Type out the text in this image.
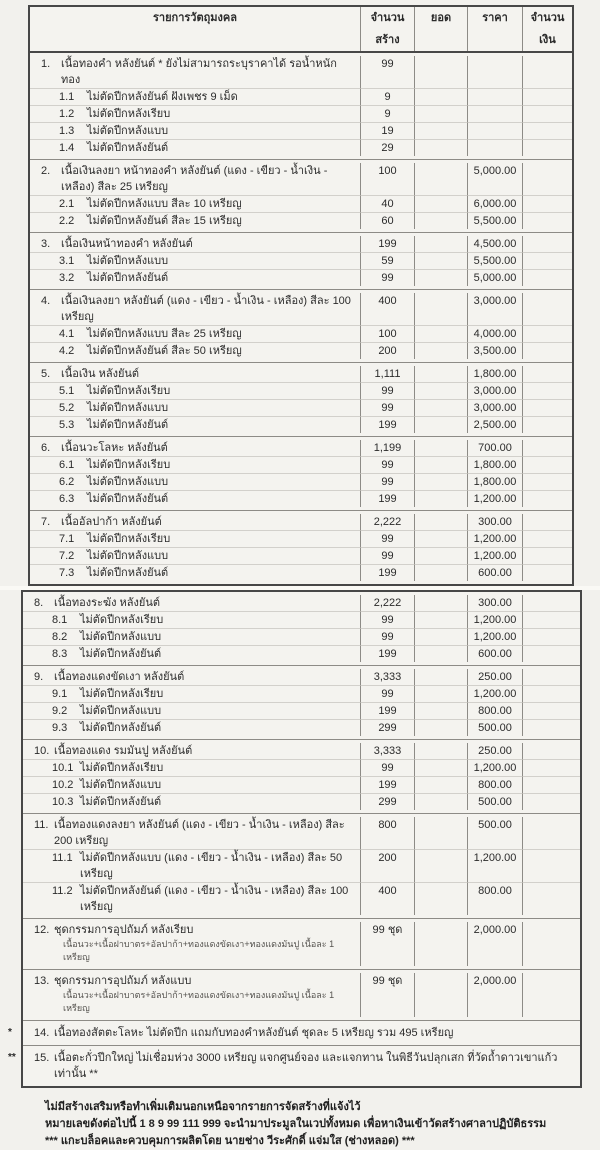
รายการวัตถุมงคล	จำนวนสร้าง
ยอด	ราคา	จำนวนเงิน
1. เนื้อทองคำ หลังยันต์ * ยังไม่สามารถระบุราคาได้ รอน้ำหนักทอง
99
1.1	ไม่ตัดปีกหลังยันต์ ฝังเพชร 9 เม็ด	9
1.2	ไม่ตัดปีกหลังเรียบ	9
1.3	ไม่ตัดปีกหลังแบบ	19
1.4	ไม่ตัดปีกหลังยันต์	29
2. เนื้อเงินลงยา หน้าทองคำ หลังยันต์ (แดง - เขียว - น้ำเงิน - เหลือง) สีละ 25 เหรียญ
100	5,000.00
2.1	ไม่ตัดปีกหลังแบบ สีละ 10 เหรียญ	40	6,000.00
2.2	ไม่ตัดปีกหลังยันต์ สีละ 15 เหรียญ	60	5,500.00
3. เนื้อเงินหน้าทองคำ หลังยันต์	199	4,500.00
3.1	ไม่ตัดปีกหลังแบบ	59	5,500.00
3.2	ไม่ตัดปีกหลังยันต์	99	5,000.00
4. เนื้อเงินลงยา หลังยันต์ (แดง - เขียว - น้ำเงิน - เหลือง) สีละ 100 เหรียญ
400	3,000.00
4.1	ไม่ตัดปีกหลังแบบ สีละ 25 เหรียญ	100	4,000.00
4.2	ไม่ตัดปีกหลังยันต์ สีละ 50 เหรียญ	200	3,500.00
5. เนื้อเงิน หลังยันต์	1,111	1,800.00
5.1	ไม่ตัดปีกหลังเรียบ	99	3,000.00
5.2	ไม่ตัดปีกหลังแบบ	99	3,000.00
5.3	ไม่ตัดปีกหลังยันต์	199	2,500.00
6. เนื้อนวะโลหะ หลังยันต์	1,199	700.00
6.1	ไม่ตัดปีกหลังเรียบ	99	1,800.00
6.2	ไม่ตัดปีกหลังแบบ	99	1,800.00
6.3	ไม่ตัดปีกหลังยันต์	199	1,200.00
7. เนื้ออัลปาก้า หลังยันต์	2,222	300.00
7.1	ไม่ตัดปีกหลังเรียบ	99	1,200.00
7.2	ไม่ตัดปีกหลังแบบ	99	1,200.00
7.3	ไม่ตัดปีกหลังยันต์	199	600.00
8. เนื้อทองระฆัง หลังยันต์	2,222	300.00
8.1	ไม่ตัดปีกหลังเรียบ	99	1,200.00
8.2	ไม่ตัดปีกหลังแบบ	99	1,200.00
8.3	ไม่ตัดปีกหลังยันต์	199	600.00
9. เนื้อทองแดงขัดเงา หลังยันต์	3,333	250.00
9.1	ไม่ตัดปีกหลังเรียบ	99	1,200.00
9.2	ไม่ตัดปีกหลังแบบ	199	800.00
9.3	ไม่ตัดปีกหลังยันต์	299	500.00
10. เนื้อทองแดง รมมันปู หลังยันต์	3,333	250.00
10.1 ไม่ตัดปีกหลังเรียบ	99	1,200.00
10.2 ไม่ตัดปีกหลังแบบ	199	800.00
10.3 ไม่ตัดปีกหลังยันต์	299	500.00
11. เนื้อทองแดงลงยา หลังยันต์ (แดง - เขียว - น้ำเงิน - เหลือง) สีละ 200 เหรียญ
800	500.00
11.1 ไม่ตัดปีกหลังแบบ (แดง - เขียว - น้ำเงิน - เหลือง) สีละ 50 เหรียญ
200	1,200.00
11.2 ไม่ตัดปีกหลังยันต์ (แดง - เขียว - น้ำเงิน - เหลือง) สีละ 100 เหรียญ
400	800.00
12. ชุดกรรมการอุปถัมภ์ หลังเรียบ	99 ชุด	2,000.00
เนื้อนวะ+เนื้อฝาบาตร+อัลปาก้า+ทองแดงขัดเงา+ทองแดงมันปู เนื้อละ 1 เหรียญ
13. ชุดกรรมการอุปถัมภ์ หลังแบบ	99 ชุด	2,000.00
เนื้อนวะ+เนื้อฝาบาตร+อัลปาก้า+ทองแดงขัดเงา+ทองแดงมันปู เนื้อละ 1 เหรียญ
*	14. เนื้อทองสัตตะโลหะ ไม่ตัดปีก แถมกับทองคำหลังยันต์ ชุดละ 5 เหรียญ รวม 495 เหรียญ
**	15. เนื้อตะกั่วปีกใหญ่ ไม่เชื่อมห่วง 3000 เหรียญ แจกศูนย์จอง และแจกทาน ในพิธีวันปลุกเสก ที่วัดถ้ำดาวเขาแก้ว เท่านั้น **
ไม่มีสร้างเสริมหรือทำเพิ่มเติมนอกเหนือจากรายการจัดสร้างที่แจ้งไว้
หมายเลขดังต่อไปนี้ 1 8 9 99 111 999 จะนำมาประมูลในเวปทั้งหมด เพื่อหาเงินเข้าวัดสร้างศาลาปฏิบัติธรรม
*** แกะบล็อคและควบคุมการผลิตโดย นายช่าง วีระศักดิ์ แจ่มใส (ช่างหลอด) ***
